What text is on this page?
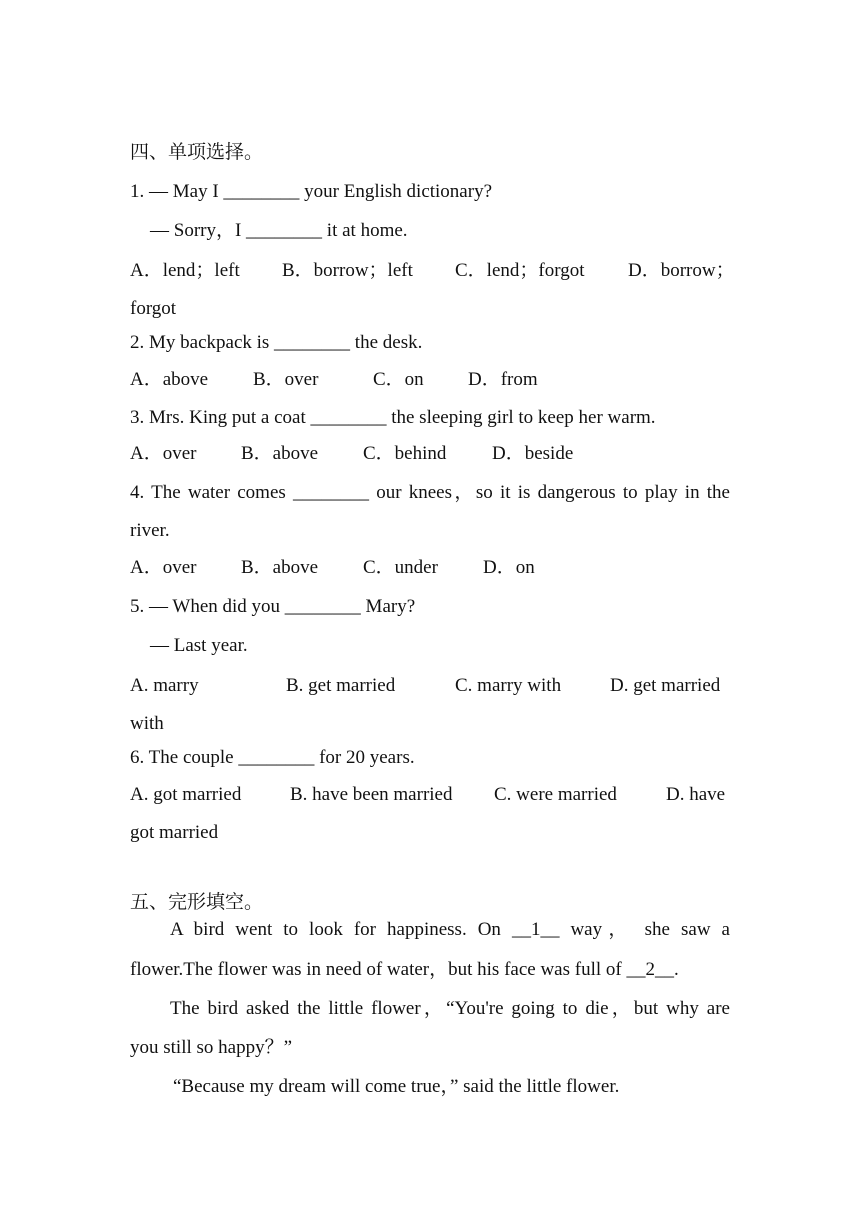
四、单项选择。
1. — May I ________ your English dictionary?
— Sorry，I ________ it at home.
A．lend；left B．borrow；left C．lend；forgot D．borrow；
forgot
2. My backpack is ________ the desk.
A．above B．over	C．on D．from
3. Mrs. King put a coat ________ the sleeping girl to keep her warm.
A．over B．above C．behind D．beside
4. The water comes ________ our knees，so it is dangerous to play in the
river.
A．over B．above C．under D．on
5. — When did you ________ Mary?
— Last year.
A. marry	B. get married	C. marry with	D. get married
with
6. The couple ________ for 20 years.
A. got married	B. have been married C. were married	D. have
got married
五、完形填空。
A bird went to look for happiness. On __1__ way， she saw a
flower.The flower was in need of water，but his face was full of __2__.
The bird asked the little flower，“You're going to die，but why are
you still so happy？”
“Because my dream will come true，” said the little flower.
